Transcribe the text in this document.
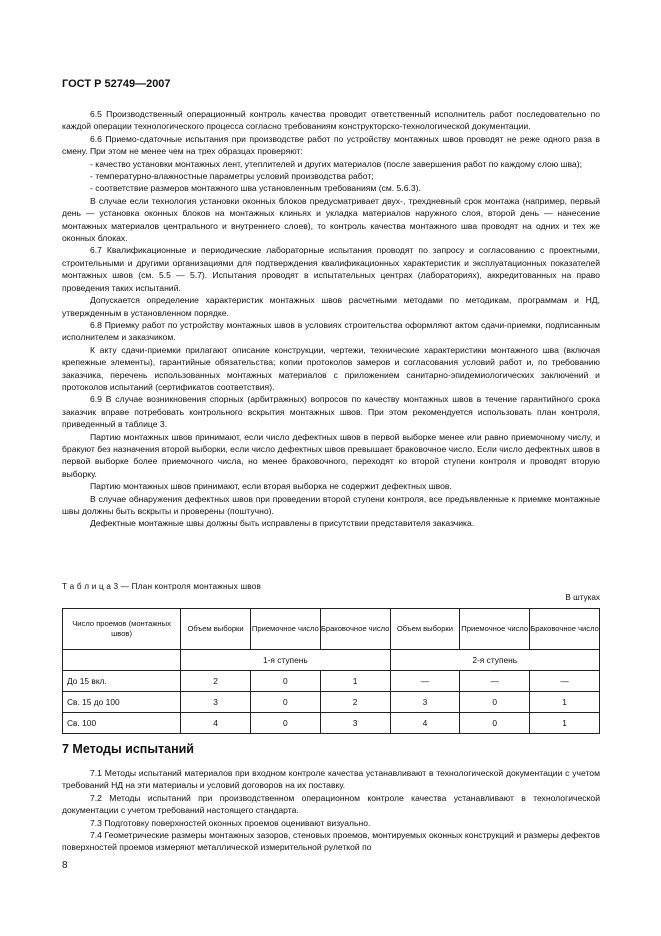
ГОСТ Р 52749—2007

6.5 Производственный операционный контроль качества проводит ответственный исполнитель работ последовательно по каждой операции технологического процесса согласно требованиям конструкторско-технологической документации.

6.6 Приемо-сдаточные испытания при производстве работ по устройству монтажных швов проводят не реже одного раза в смену. При этом не менее чем на трех образцах проверяют:

- качество установки монтажных лент, утеплителей и других материалов (после завершения работ по каждому слою шва);

- температурно-влажностные параметры условий производства работ;

- соответствие размеров монтажного шва установленным требованиям (см. 5.6.3).

В случае если технология установки оконных блоков предусматривает двух-, трехдневный срок монтажа (например, первый день — установка оконных блоков на монтажных клиньях и укладка материалов наружного слоя, второй день — нанесение монтажных материалов центрального и внутреннего слоев), то контроль качества монтажного шва проводят на одних и тех же оконных блоках.

6.7 Квалификационные и периодические лабораторные испытания проводят по запросу и согласованию с проектными, строительными и другими организациями для подтверждения квалификационных характеристик и эксплуатационных показателей монтажных швов (см. 5.5 — 5.7). Испытания проводят в испытательных центрах (лабораториях), аккредитованных на право проведения таких испытаний.

Допускается определение характеристик монтажных швов расчетными методами по методикам, программам и НД, утвержденным в установленном порядке.

6.8 Приемку работ по устройству монтажных швов в условиях строительства оформляют актом сдачи-приемки, подписанным исполнителем и заказчиком.

К акту сдачи-приемки прилагают описание конструкции, чертежи, технические характеристики монтажного шва (включая крепежные элементы), гарантийные обязательства; копии протоколов замеров и согласования условий работ и, по требованию заказчика, перечень использованных монтажных материалов с приложением санитарно-эпидемиологических заключений и протоколов испытаний (сертификатов соответствия).

6.9 В случае возникновения спорных (арбитражных) вопросов по качеству монтажных швов в течение гарантийного срока заказчик вправе потребовать контрольного вскрытия монтажных швов. При этом рекомендуется использовать план контроля, приведенный в таблице 3.

Партию монтажных швов принимают, если число дефектных швов в первой выборке менее или равно приемочному числу, и бракуют без назначения второй выборки, если число дефектных швов превышает браковочное число. Если число дефектных швов в первой выборке более приемочного числа, но менее браковочного, переходят ко второй ступени контроля и проводят вторую выборку.

Партию монтажных швов принимают, если вторая выборка не содержит дефектных швов.

В случае обнаружения дефектных швов при проведении второй ступени контроля, все предъявленные к приемке монтажные швы должны быть вскрыты и проверены (поштучно).

Дефектные монтажные швы должны быть исправлены в присутствии представителя заказчика.

Т а б л и ц а 3 — План контроля монтажных швов
В штуках
Число проемов (монтажных швов)	Объем выборки	Приемочное число	Браковочное число	Объем выборки	Приемочное число	Браковочное число
	1-я ступень			2-я ступень		
До 15 вкл.	2	0	1	—	—	—
Св. 15 до 100	3	0	2	3	0	1
Св. 100	4	0	3	4	0	1
7 Методы испытаний

7.1 Методы испытаний материалов при входном контроле качества устанавливают в технологической документации с учетом требований НД на эти материалы и условий договоров на их поставку.

7.2 Методы испытаний при производственном операционном контроле качества устанавливают в технологической документации с учетом требований настоящего стандарта.

7.3 Подготовку поверхностей оконных проемов оценивают визуально.

7.4 Геометрические размеры монтажных зазоров, стеновых проемов, монтируемых оконных конструкций и размеры дефектов поверхностей проемов измеряют металлической измерительной рулеткой по

8
